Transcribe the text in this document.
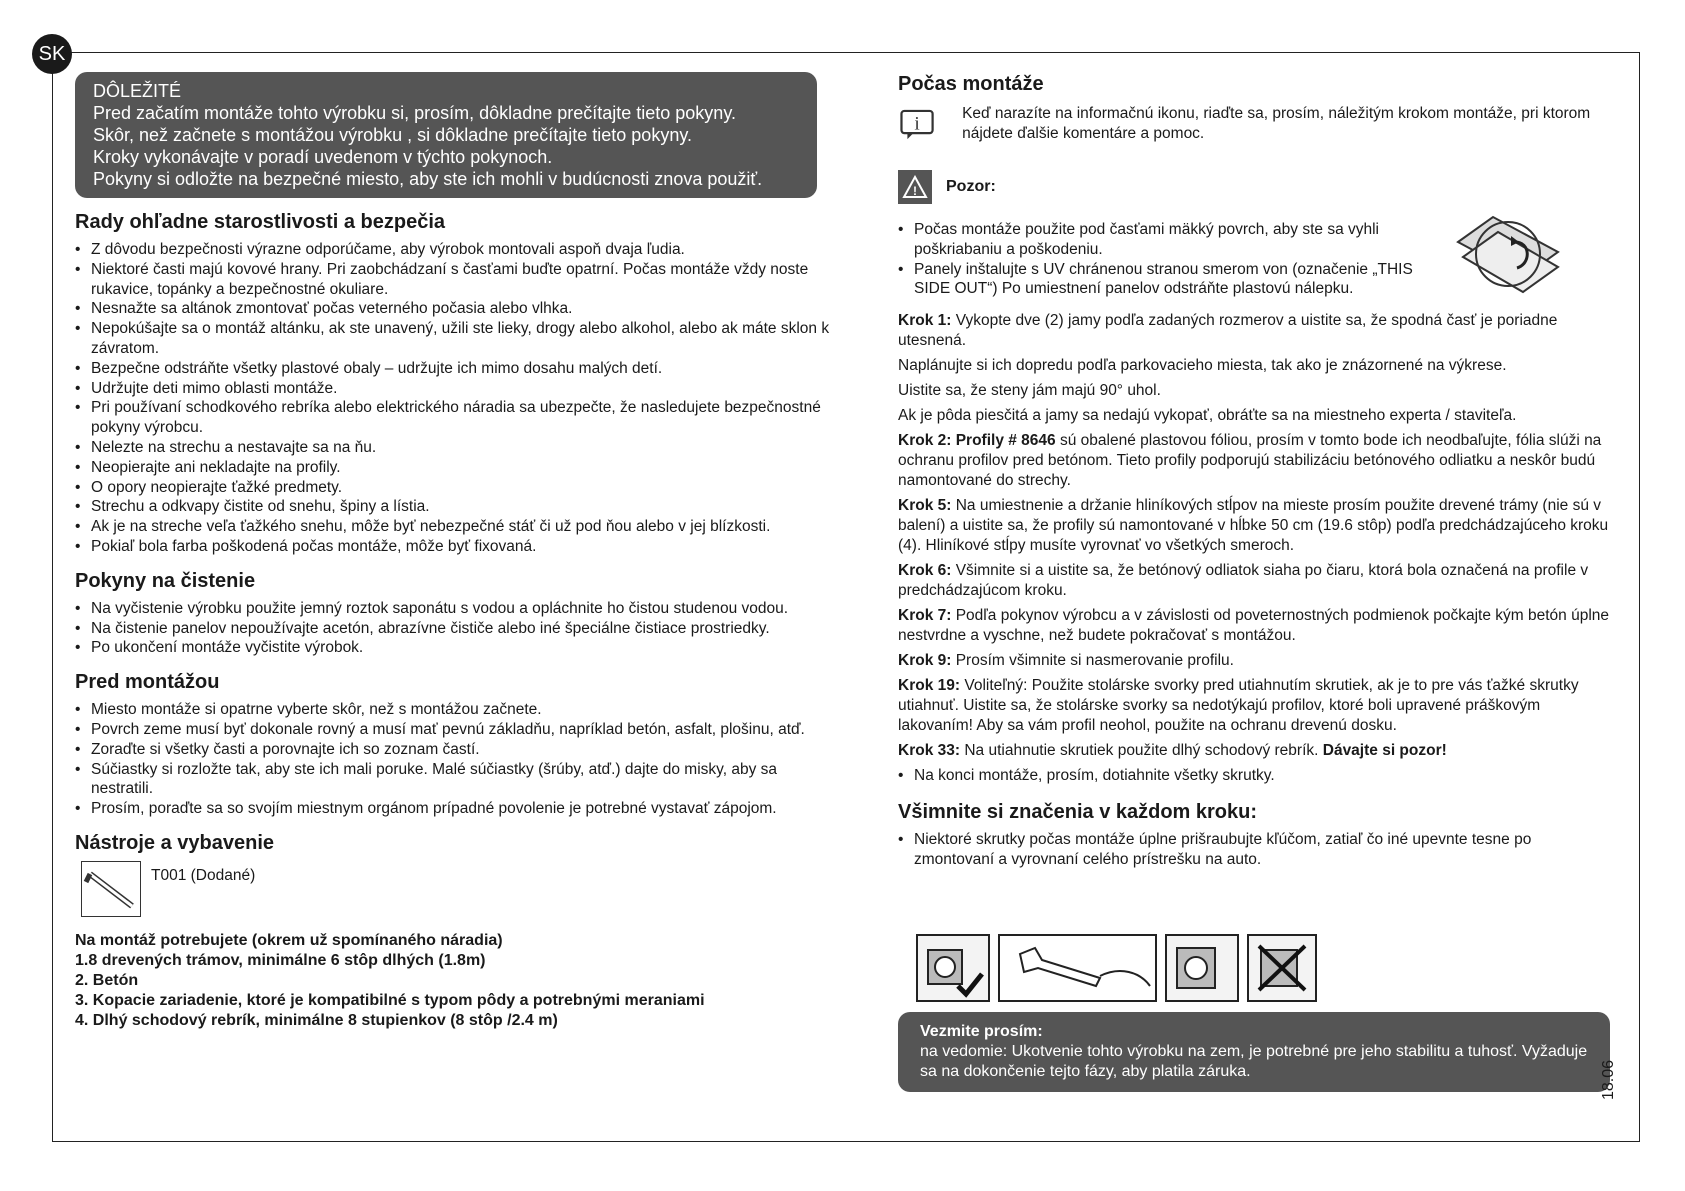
SK
DÔLEŽITÉ
Pred začatím montáže tohto výrobku si, prosím, dôkladne prečítajte tieto pokyny.
Skôr, než začnete s montážou výrobku , si dôkladne prečítajte tieto pokyny.
Kroky vykonávajte v poradí uvedenom v týchto pokynoch.
Pokyny si odložte na bezpečné miesto, aby ste ich mohli v budúcnosti znova použiť.
Rady ohľadne starostlivosti a bezpečia
• Z dôvodu bezpečnosti výrazne odporúčame, aby výrobok montovali aspoň dvaja ľudia.
• Niektoré časti majú kovové hrany. Pri zaobchádzaní s časťami buďte opatrní. Počas montáže vždy noste rukavice, topánky a bezpečnostné okuliare.
• Nesnažte sa altánok zmontovať počas veterného počasia alebo vlhka.
• Nepokúšajte sa o montáž altánku, ak ste unavený, užili ste lieky, drogy alebo alkohol, alebo ak máte sklon k závratom.
• Bezpečne odstráňte všetky plastové obaly – udržujte ich mimo dosahu malých detí.
• Udržujte deti mimo oblasti montáže.
• Pri používaní schodkového rebríka alebo elektrického náradia sa ubezpečte, že nasledujete bezpečnostné pokyny výrobcu.
• Nelezte na strechu a nestavajte sa na ňu.
• Neopierajte ani nekladajte na profily.
• O opory neopierajte ťažké predmety.
• Strechu a odkvapy čistite od snehu, špiny a lístia.
• Ak je na streche veľa ťažkého snehu, môže byť nebezpečné stáť či už pod ňou alebo v jej blízkosti.
• Pokiaľ bola farba poškodená počas montáže, môže byť fixovaná.
Pokyny na čistenie
• Na vyčistenie výrobku použite jemný roztok saponátu s vodou a opláchnite ho čistou studenou vodou.
• Na čistenie panelov nepoužívajte acetón, abrazívne čističe alebo iné špeciálne čistiace prostriedky.
• Po ukončení montáže vyčistite výrobok.
Pred montážou
• Miesto montáže si opatrne vyberte skôr, než s montážou začnete.
• Povrch zeme musí byť dokonale rovný a musí mať pevnú základňu, napríklad betón, asfalt, plošinu, atď.
• Zoraďte si všetky časti a porovnajte ich so zoznam častí.
• Súčiastky si rozložte tak, aby ste ich mali poruke. Malé súčiastky (šrúby, atď.) dajte do misky, aby sa nestratili.
• Prosím, poraďte sa so svojím miestnym orgánom prípadné povolenie je potrebné vystavať zápojom.
Nástroje a vybavenie
T001 (Dodané)
Na montáž potrebujete (okrem už spomínaného náradia)
1.8 drevených trámov, minimálne 6 stôp dlhých (1.8m)
2. Betón
3. Kopacie zariadenie, ktoré je kompatibilné s typom pôdy a potrebnými meraniami
4. Dlhý schodový rebrík, minimálne 8 stupienkov (8 stôp /2.4 m)
Počas montáže
i	Keď narazíte na informačnú ikonu, riaďte sa, prosím, náležitým krokom montáže, pri ktorom nájdete ďalšie komentáre a pomoc.
! Pozor:
• Počas montáže použite pod časťami mäkký povrch, aby ste sa vyhli poškriabaniu a poškodeniu.
• Panely inštalujte s UV chránenou stranou smerom von (označenie „THIS SIDE OUT“) Po umiestnení panelov odstráňte plastovú nálepku.

Krok 1: Vykopte dve (2) jamy podľa zadaných rozmerov a uistite sa, že spodná časť je poriadne utesnená.

Naplánujte si ich dopredu podľa parkovacieho miesta, tak ako je znázornené na výkrese.

Uistite sa, že steny jám majú 90° uhol.

Ak je pôda piesčitá a jamy sa nedajú vykopať, obráťte sa na miestneho experta / staviteľa.

Krok 2: Profily # 8646 sú obalené plastovou fóliou, prosím v tomto bode ich neodbaľujte, fólia slúži na ochranu profilov pred betónom. Tieto profily podporujú stabilizáciu betónového odliatku a neskôr budú namontované do strechy.

Krok 5: Na umiestnenie a držanie hliníkových stĺpov na mieste prosím použite drevené trámy (nie sú v balení) a uistite sa, že profily sú namontované v hĺbke 50 cm (19.6 stôp) podľa predchádzajúceho kroku (4). Hliníkové stĺpy musíte vyrovnať vo všetkých smeroch.

Krok 6: Všimnite si a uistite sa, že betónový odliatok siaha po čiaru, ktorá bola označená na profile v predchádzajúcom kroku.

Krok 7: Podľa pokynov výrobcu a v závislosti od poveternostných podmienok počkajte kým betón úplne nestvrdne a vyschne, než budete pokračovať s montážou.

Krok 9: Prosím všimnite si nasmerovanie profilu.

Krok 19: Voliteľný: Použite stolárske svorky pred utiahnutím skrutiek, ak je to pre vás ťažké skrutky utiahnuť. Uistite sa, že stolárske svorky sa nedotýkajú profilov, ktoré boli upravené práškovým lakovaním! Aby sa vám profil neohol, použite na ochranu drevenú dosku.

Krok 33: Na utiahnutie skrutiek použite dlhý schodový rebrík. Dávajte si pozor!

• Na konci montáže, prosím, dotiahnite všetky skrutky.
Všimnite si značenia v každom kroku:
• Niektoré skrutky počas montáže úplne prišraubujte kľúčom, zatiaľ čo iné upevnte tesne po zmontovaní a vyrovnaní celého prístrešku na auto.
Vezmite prosím:
na vedomie: Ukotvenie tohto výrobku na zem, je potrebné pre jeho stabilitu a tuhosť. Vyžaduje sa na dokončenie tejto fázy, aby platila záruka.	18.06
